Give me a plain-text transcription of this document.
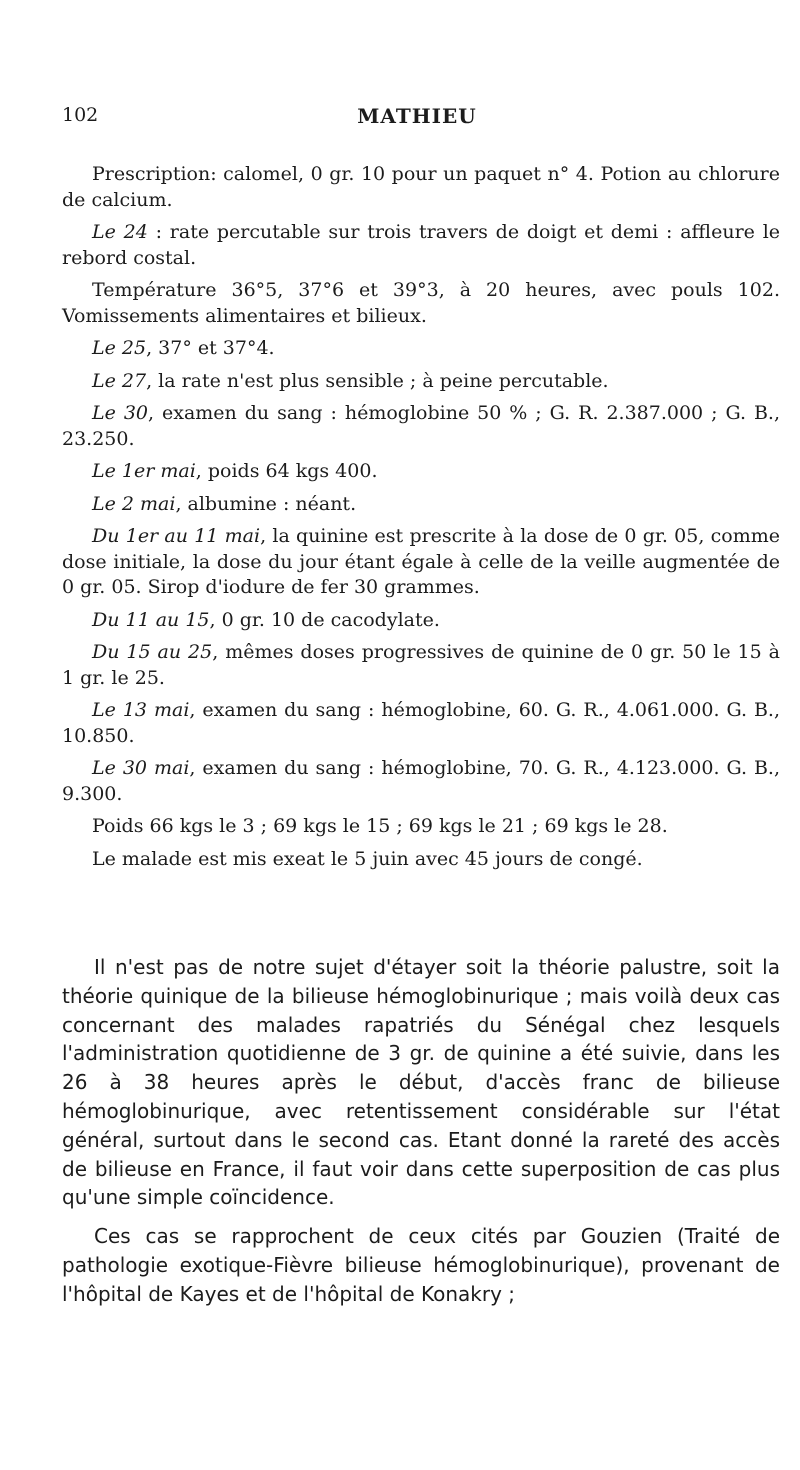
102	MATHIEU

Prescription: calomel, 0 gr. 10 pour un paquet n° 4. Potion au chlorure de calcium.

Le 24 : rate percutable sur trois travers de doigt et demi : affleure le rebord costal.

Température 36°5, 37°6 et 39°3, à 20 heures, avec pouls 102. Vomissements alimentaires et bilieux.

Le 25, 37° et 37°4.

Le 27, la rate n'est plus sensible ; à peine percutable.

Le 30, examen du sang : hémoglobine 50 % ; G. R. 2.387.000 ; G. B., 23.250.

Le 1er mai, poids 64 kgs 400.

Le 2 mai, albumine : néant.

Du 1er au 11 mai, la quinine est prescrite à la dose de 0 gr. 05, comme dose initiale, la dose du jour étant égale à celle de la veille augmentée de 0 gr. 05. Sirop d'iodure de fer 30 grammes.

Du 11 au 15, 0 gr. 10 de cacodylate.

Du 15 au 25, mêmes doses progressives de quinine de 0 gr. 50 le 15 à 1 gr. le 25.

Le 13 mai, examen du sang : hémoglobine, 60. G. R., 4.061.000. G. B., 10.850.

Le 30 mai, examen du sang : hémoglobine, 70. G. R., 4.123.000. G. B., 9.300.

Poids 66 kgs le 3 ; 69 kgs le 15 ; 69 kgs le 21 ; 69 kgs le 28.

Le malade est mis exeat le 5 juin avec 45 jours de congé.

Il n'est pas de notre sujet d'étayer soit la théorie palustre, soit la théorie quinique de la bilieuse hémoglobinurique ; mais voilà deux cas concernant des malades rapatriés du Sénégal chez lesquels l'administration quotidienne de 3 gr. de quinine a été suivie, dans les 26 à 38 heures après le début, d'accès franc de bilieuse hémoglobinurique, avec retentissement considérable sur l'état général, surtout dans le second cas. Etant donné la rareté des accès de bilieuse en France, il faut voir dans cette superposition de cas plus qu'une simple coïncidence.

Ces cas se rapprochent de ceux cités par Gouzien (Traité de pathologie exotique-Fièvre bilieuse hémoglobinurique), provenant de l'hôpital de Kayes et de l'hôpital de Konakry ;
